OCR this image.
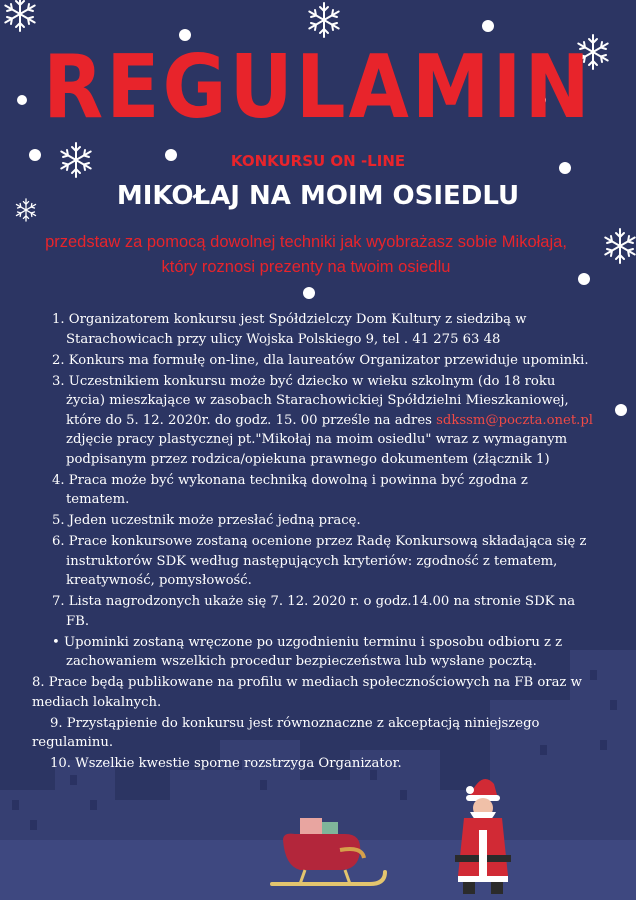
REGULAMIN
KONKURSU ON -LINE
MIKOŁAJ NA MOIM OSIEDLU
przedstaw za pomocą dowolnej techniki jak wyobrażasz sobie Mikołaja, który roznosi prezenty na twoim osiedlu
1. Organizatorem konkursu jest Spółdzielczy Dom Kultury z siedzibą w Starachowicach przy ulicy Wojska Polskiego 9, tel . 41 275 63 48
2. Konkurs ma formułę on-line, dla laureatów Organizator przewiduje upominki.
3. Uczestnikiem konkursu może być dziecko w wieku szkolnym (do 18 roku życia) mieszkające w zasobach Starachowickiej Spółdzielni Mieszkaniowej, które do 5. 12. 2020r. do godz. 15. 00 prześle na adres sdkssm@poczta.onet.pl zdjęcie pracy plastycznej pt."Mikołaj na moim osiedlu" wraz z wymaganym podpisanym przez rodzica/opiekuna prawnego dokumentem (złącznik 1)
4. Praca może być wykonana techniką dowolną i powinna być zgodna z tematem.
5. Jeden uczestnik może przesłać jedną pracę.
6. Prace konkursowe zostaną ocenione przez Radę Konkursową składająca się z instruktorów SDK według następujących kryteriów: zgodność z tematem, kreatywność, pomysłowość.
7. Lista nagrodzonych ukaże się 7. 12. 2020 r. o godz.14.00 na stronie SDK na FB.
• Upominki zostaną wręczone po uzgodnieniu terminu i sposobu odbioru z z zachowaniem wszelkich procedur bezpieczeństwa lub wysłane pocztą.
8. Prace będą publikowane na profilu w mediach społecznościowych na FB oraz w mediach lokalnych.
9. Przystąpienie do konkursu jest równoznaczne z akceptacją niniejszego regulaminu.
10. Wszelkie kwestie sporne rozstrzyga Organizator.
